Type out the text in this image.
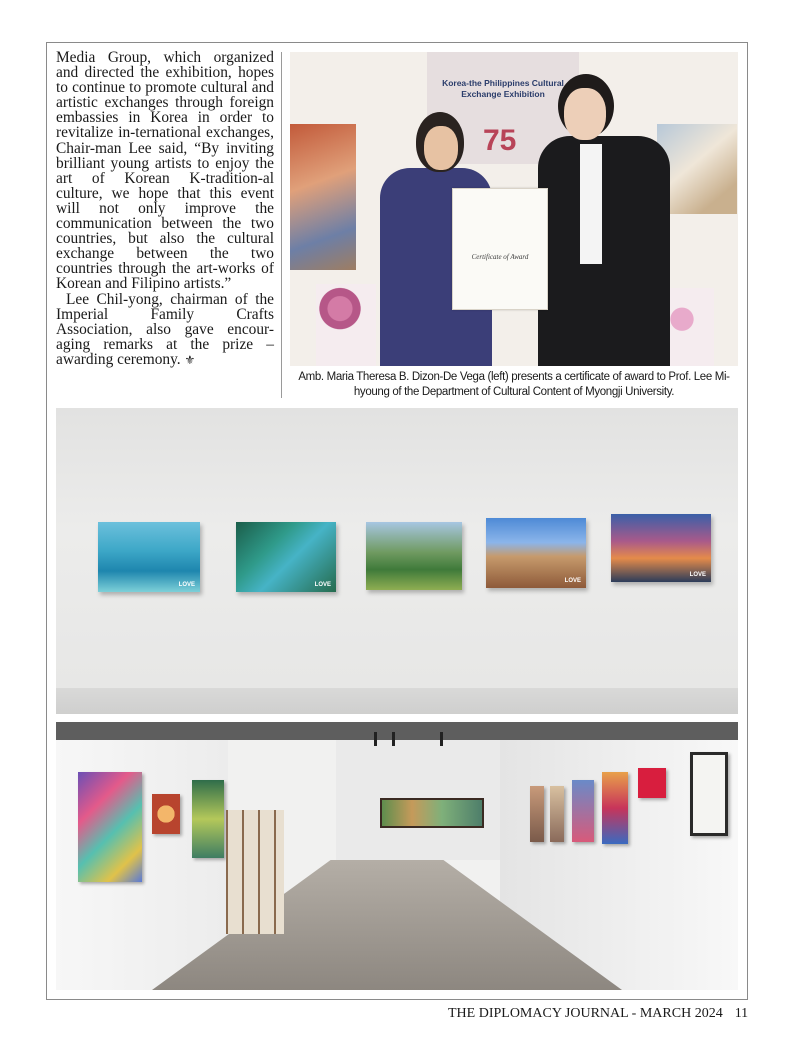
Media Group, which organized and directed the exhibition, hopes to continue to promote cultural and artistic exchanges through foreign embassies in Korea in order to revitalize in-ternational exchanges, Chair-man Lee said, “By inviting brilliant young artists to enjoy the art of Korean K-tradition-al culture, we hope that this event will not only improve the communication between the two countries, but also the cultural exchange between the two countries through the art-works of Korean and Filipino artists.”

Lee Chil-yong, chairman of the Imperial Family Crafts Association, also gave encour-aging remarks at the prize – awarding ceremony. ⚜

Korea-the Philippines Cultural Exchange Exhibition
75
Certificate of Award
Amb. Maria Theresa B. Dizon-De Vega (left) presents a certificate of award to Prof. Lee Mi-hyoung of the Department of Cultural Content of Myongji University.
LOVE	LOVE
LOVE
LOVE
THE DIPLOMACY JOURNAL - MARCH 2024 11
